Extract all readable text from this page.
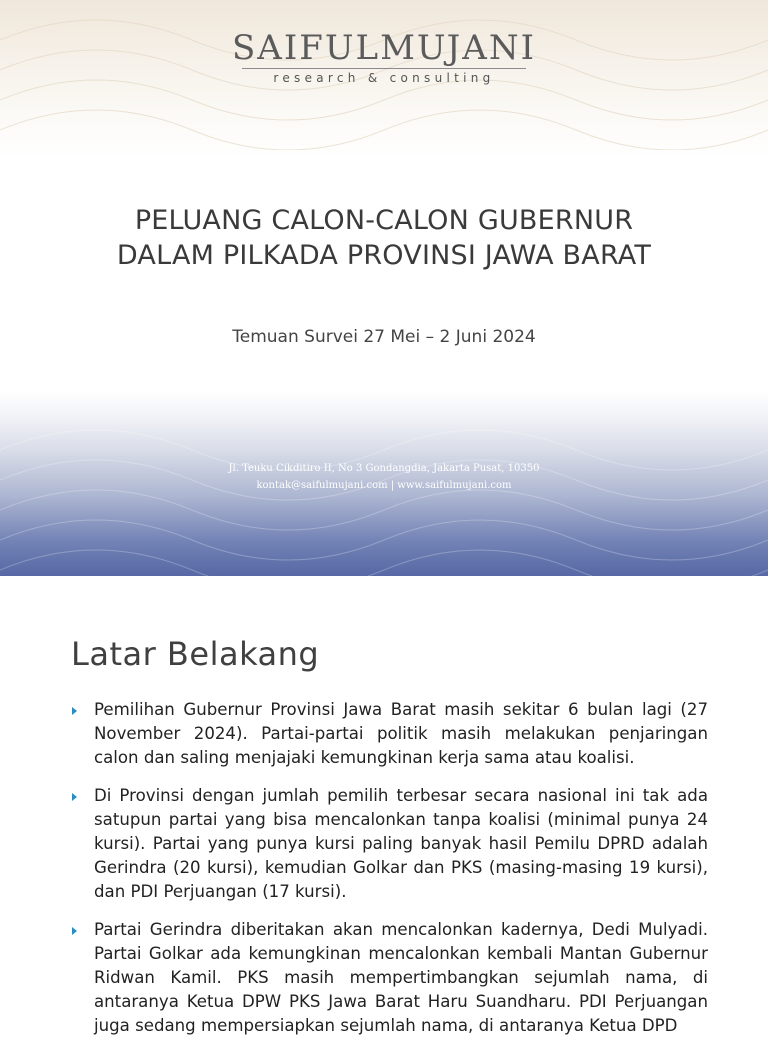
SAIFULMUJANI
research & consulting
PELUANG CALON-CALON GUBERNUR
DALAM PILKADA PROVINSI JAWA BARAT
Temuan Survei 27 Mei – 2 Juni 2024
Jl. Teuku Cikditiro II, No 3 Gondangdia, Jakarta Pusat, 10350
kontak@saifulmujani.com | www.saifulmujani.com
Latar Belakang
Pemilihan Gubernur Provinsi Jawa Barat masih sekitar 6 bulan lagi (27 November 2024). Partai-partai politik masih melakukan penjaringan calon dan saling menjajaki kemungkinan kerja sama atau koalisi.
Di Provinsi dengan jumlah pemilih terbesar secara nasional ini tak ada satupun partai yang bisa mencalonkan tanpa koalisi (minimal punya 24 kursi). Partai yang punya kursi paling banyak hasil Pemilu DPRD adalah Gerindra (20 kursi), kemudian Golkar dan PKS (masing-masing 19 kursi), dan PDI Perjuangan (17 kursi).
Partai Gerindra diberitakan akan mencalonkan kadernya, Dedi Mulyadi. Partai Golkar ada kemungkinan mencalonkan kembali Mantan Gubernur Ridwan Kamil. PKS masih mempertimbangkan sejumlah nama, di antaranya Ketua DPW PKS Jawa Barat Haru Suandharu. PDI Perjuangan juga sedang mempersiapkan sejumlah nama, di antaranya Ketua DPD
